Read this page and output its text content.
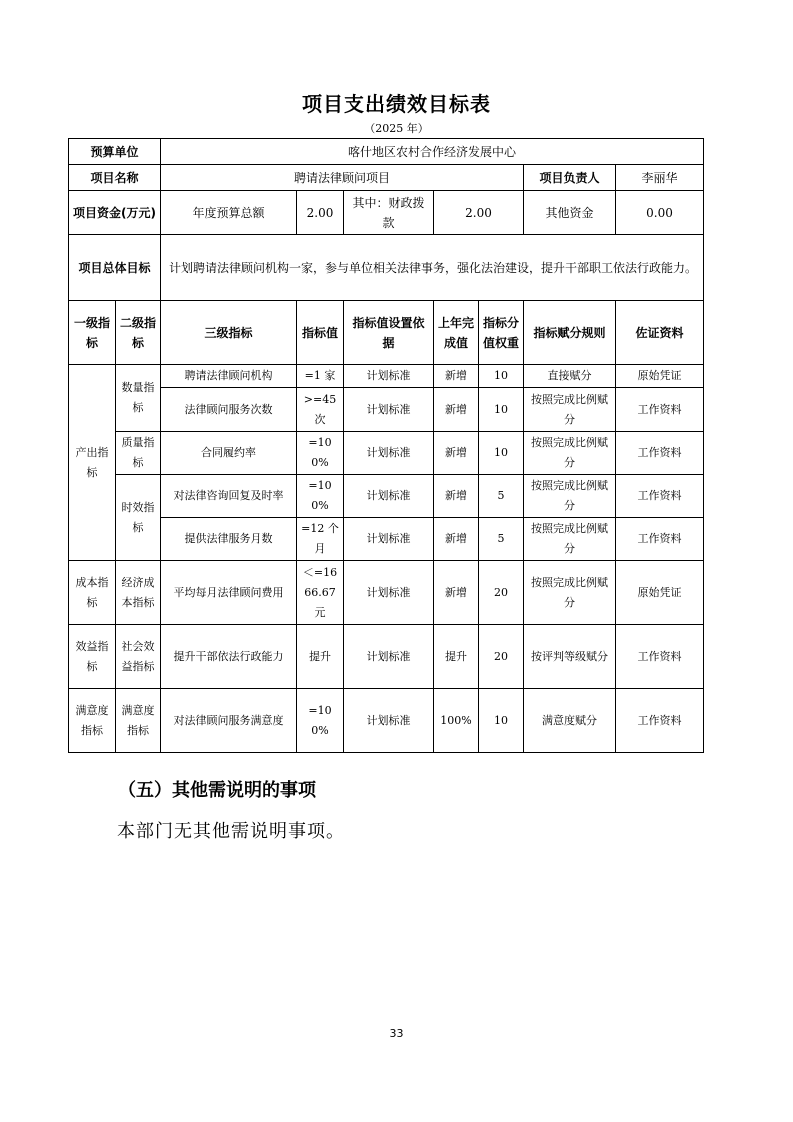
项目支出绩效目标表
（2025 年）
预算单位		喀什地区农村合作经济发展中心						
项目名称		聘请法律顾问项目					项目负责人	李丽华
项目资金(万元)		年度预算总额	2.00	其中：财政拨款	2.00		其他资金	0.00
项目总体目标		计划聘请法律顾问机构一家，参与单位相关法律事务，强化法治建设，提升干部职工依法行政能力。						
一级指标	二级指标	三级指标	指标值	指标值设置依据	上年完成值	指标分值权重	指标赋分规则	佐证资料
产出指标	数量指标	聘请法律顾问机构	=1 家	计划标准	新增	10	直接赋分	原始凭证
		法律顾问服务次数	>=45 次	计划标准	新增	10	按照完成比例赋分	工作资料
	质量指标	合同履约率	=100%	计划标准	新增	10	按照完成比例赋分	工作资料
	时效指标	对法律咨询回复及时率	=100%	计划标准	新增	5	按照完成比例赋分	工作资料
		提供法律服务月数	=12 个月	计划标准	新增	5	按照完成比例赋分	工作资料
成本指标	经济成本指标	平均每月法律顾问费用	＜=1666.67元	计划标准	新增	20	按照完成比例赋分	原始凭证
效益指标	社会效益指标	提升干部依法行政能力	提升	计划标准	提升	20	按评判等级赋分	工作资料
满意度指标	满意度指标	对法律顾问服务满意度	=100%	计划标准	100%	10	满意度赋分	工作资料
（五）其他需说明的事项
本部门无其他需说明事项。
33
